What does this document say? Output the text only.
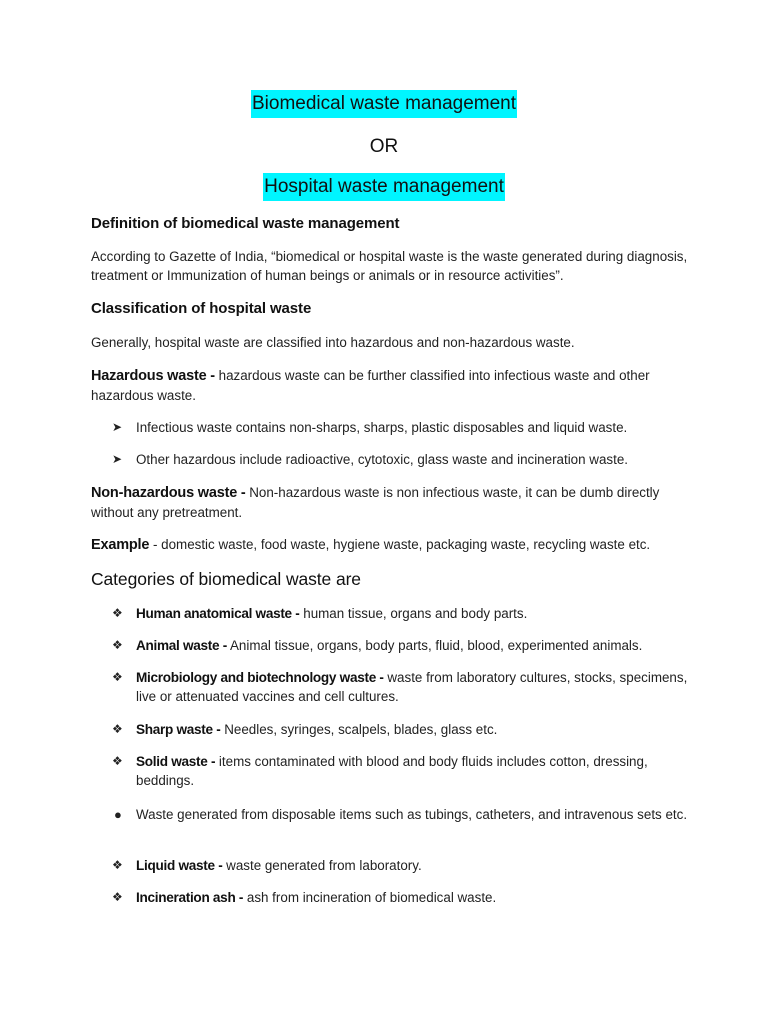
Biomedical waste management
OR
Hospital waste management
Definition of biomedical waste management
According to Gazette of India, “biomedical or hospital waste is the waste generated during diagnosis, treatment or Immunization of human beings or animals or in resource activities”.
Classification of hospital waste
Generally, hospital waste are classified into hazardous and non-hazardous waste.
Hazardous waste - hazardous waste can be further classified into infectious waste and other hazardous waste.
➤	Infectious waste contains non-sharps, sharps, plastic disposables and liquid waste.
➤	Other hazardous include radioactive, cytotoxic, glass waste and incineration waste.
Non-hazardous waste - Non-hazardous waste is non infectious waste, it can be dumb directly without any pretreatment.
Example - domestic waste, food waste, hygiene waste, packaging waste, recycling waste etc.
Categories of biomedical waste are
❖ Human anatomical waste - human tissue, organs and body parts.
❖ Animal waste - Animal tissue, organs, body parts, fluid, blood, experimented animals.
❖ Microbiology and biotechnology waste - waste from laboratory cultures, stocks, specimens, live or attenuated vaccines and cell cultures.
❖ Sharp waste - Needles, syringes, scalpels, blades, glass etc.
❖ Solid waste - items contaminated with blood and body fluids includes cotton, dressing, beddings.
●	Waste generated from disposable items such as tubings, catheters, and intravenous sets etc.
❖ Liquid waste - waste generated from laboratory.
❖ Incineration ash - ash from incineration of biomedical waste.
